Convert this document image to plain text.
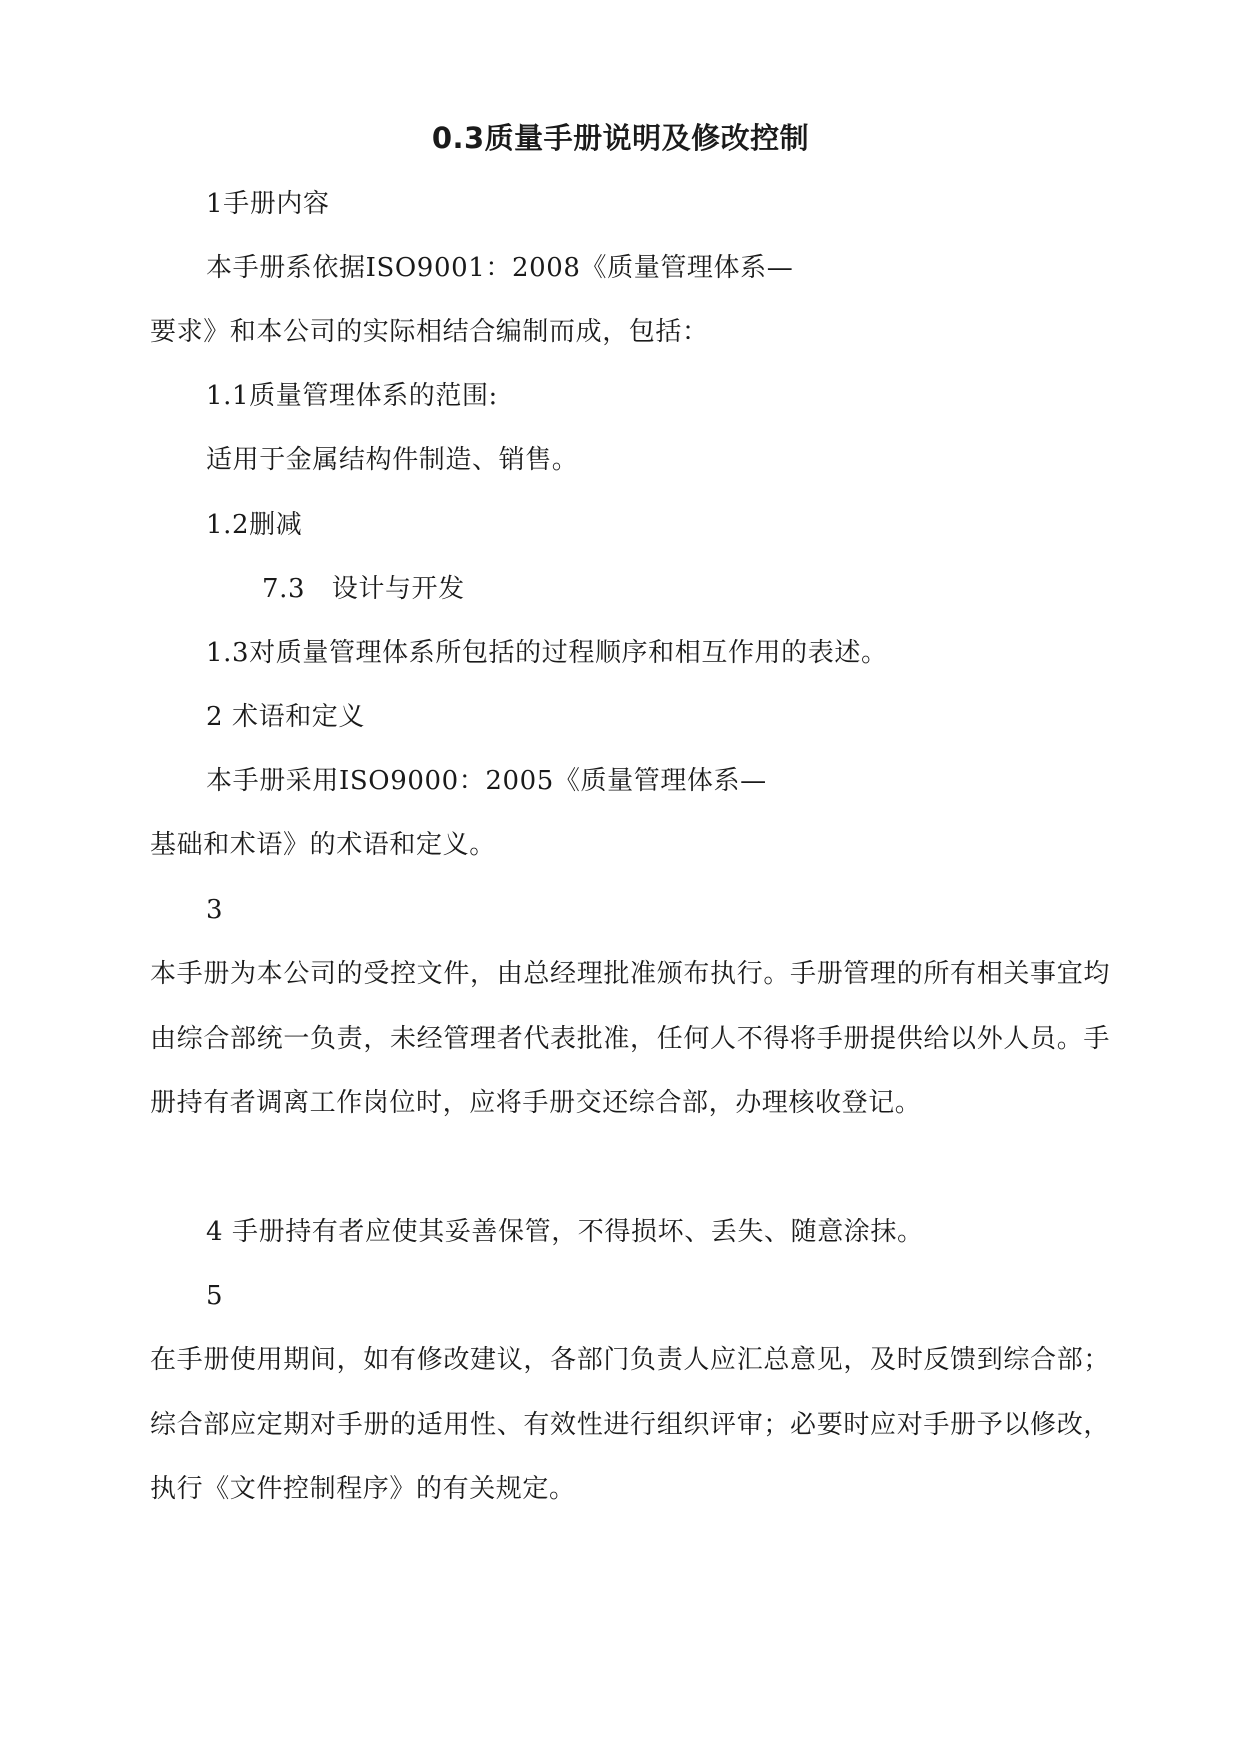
0.3质量手册说明及修改控制
1手册内容
本手册系依据ISO9001：2008《质量管理体系—
要求》和本公司的实际相结合编制而成，包括：
1.1质量管理体系的范围:
适用于金属结构件制造、销售。
1.2删减
7.3　设计与开发
1.3对质量管理体系所包括的过程顺序和相互作用的表述。
2 术语和定义
本手册采用ISO9000：2005《质量管理体系—
基础和术语》的术语和定义。
3
本手册为本公司的受控文件，由总经理批准颁布执行。手册管理的所有相关事宜均由综合部统一负责，未经管理者代表批准，任何人不得将手册提供给以外人员。手册持有者调离工作岗位时，应将手册交还综合部，办理核收登记。
4 手册持有者应使其妥善保管，不得损坏、丢失、随意涂抹。
5
在手册使用期间，如有修改建议，各部门负责人应汇总意见，及时反馈到综合部；综合部应定期对手册的适用性、有效性进行组织评审；必要时应对手册予以修改，执行《文件控制程序》的有关规定。
